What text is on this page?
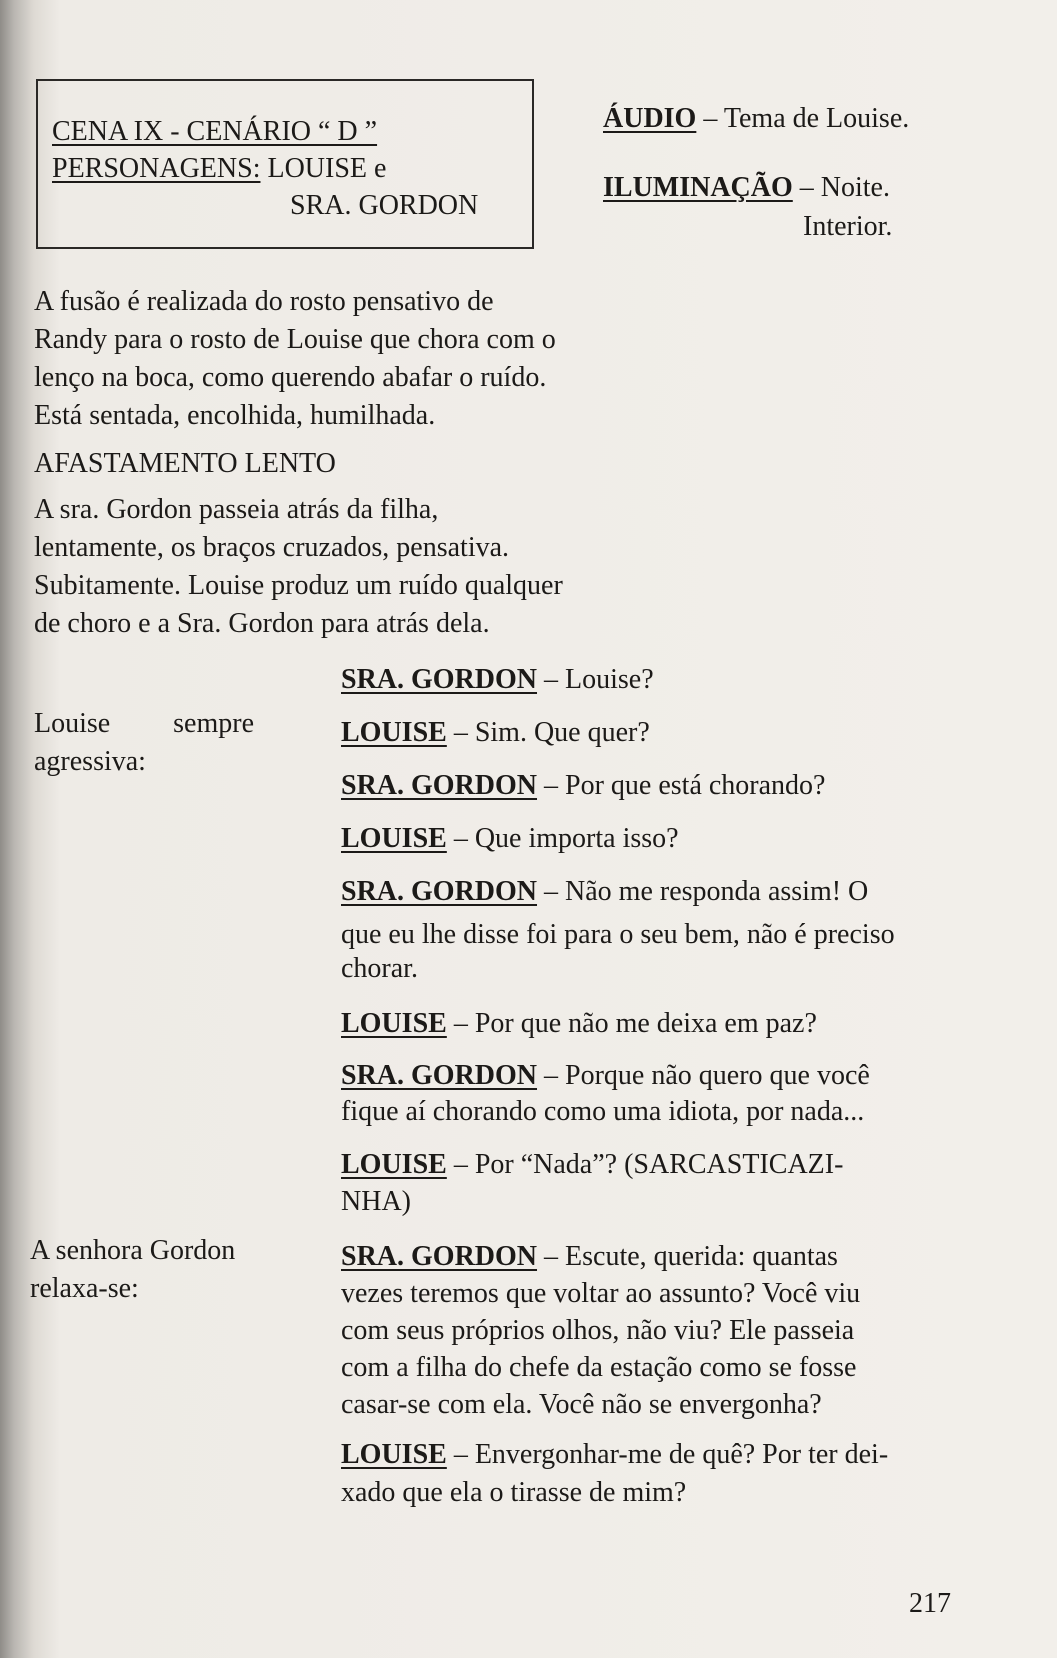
CENA IX - CENÁRIO “ D ”
PERSONAGENS: LOUISE e
SRA. GORDON
ÁUDIO – Tema de Louise.
ILUMINAÇÃO – Noite.
Interior.
A fusão é realizada do rosto pensativo de
Randy para o rosto de Louise que chora com o
lenço na boca, como querendo abafar o ruído.
Está sentada, encolhida, humilhada.
AFASTAMENTO LENTO
A sra. Gordon passeia atrás da filha,
lentamente, os braços cruzados, pensativa.
Subitamente. Louise produz um ruído qualquer
de choro e a Sra. Gordon para atrás dela.
Louise sempre
agressiva:
A senhora Gordon
relaxa-se:
SRA. GORDON – Louise?
LOUISE – Sim. Que quer?
SRA. GORDON – Por que está chorando?
LOUISE – Que importa isso?
SRA. GORDON – Não me responda assim! O
que eu lhe disse foi para o seu bem, não é preciso
chorar.
LOUISE – Por que não me deixa em paz?
SRA. GORDON – Porque não quero que você
fique aí chorando como uma idiota, por nada...
LOUISE – Por “Nada”? (SARCASTICAZI-
NHA)
SRA. GORDON – Escute, querida: quantas
vezes teremos que voltar ao assunto? Você viu
com seus próprios olhos, não viu? Ele passeia
com a filha do chefe da estação como se fosse
casar-se com ela. Você não se envergonha?
LOUISE – Envergonhar-me de quê? Por ter dei-
xado que ela o tirasse de mim?
217
